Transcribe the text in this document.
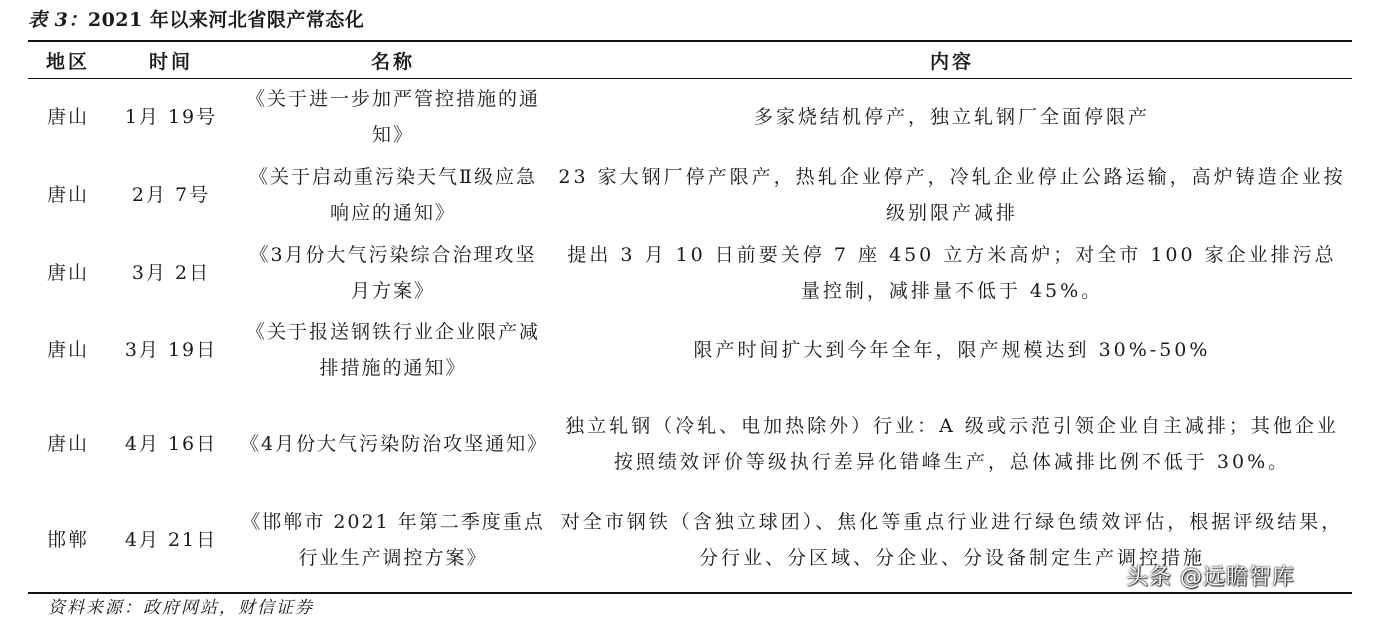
表 3：2021 年以来河北省限产常态化
地区	时间	名称	内容
唐山	1月 19号	《关于进一步加严管控措施的通知》	多家烧结机停产，独立轧钢厂全面停限产
唐山	2月 7号	《关于启动重污染天气Ⅱ级应急响应的通知》	23 家大钢厂停产限产，热轧企业停产，冷轧企业停止公路运输，高炉铸造企业按级别限产减排
唐山	3月 2日	《3月份大气污染综合治理攻坚月方案》	提出 3 月 10 日前要关停 7 座 450 立方米高炉；对全市 100 家企业排污总量控制，减排量不低于 45%。
唐山	3月 19日	《关于报送钢铁行业企业限产减排措施的通知》	限产时间扩大到今年全年，限产规模达到 30%-50%
唐山	4月 16日	《4月份大气污染防治攻坚通知》	独立轧钢（冷轧、电加热除外）行业：A 级或示范引领企业自主减排；其他企业按照绩效评价等级执行差异化错峰生产，总体减排比例不低于 30%。
邯郸	4月 21日	《邯郸市 2021 年第二季度重点行业生产调控方案》	对全市钢铁（含独立球团）、焦化等重点行业进行绿色绩效评估，根据评级结果，分行业、分区域、分企业、分设备制定生产调控措施
资料来源：政府网站，财信证券
头条 @远瞻智库
